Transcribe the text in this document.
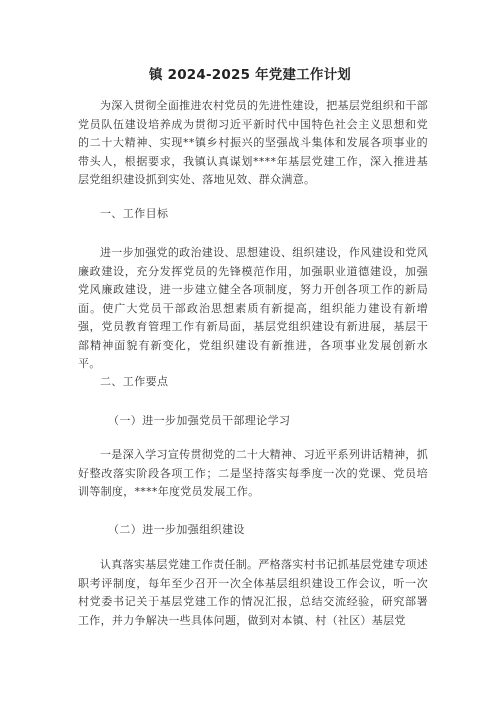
镇 2024-2025 年党建工作计划
为深入贯彻全面推进农村党员的先进性建设，把基层党组织和干部党员队伍建设培养成为贯彻习近平新时代中国特色社会主义思想和党的二十大精神、实现**镇乡村振兴的坚强战斗集体和发展各项事业的带头人，根据要求，我镇认真谋划****年基层党建工作，深入推进基层党组织建设抓到实处、落地见效、群众满意。
一、工作目标
进一步加强党的政治建设、思想建设、组织建设，作风建设和党风廉政建设，充分发挥党员的先锋模范作用，加强职业道德建设，加强党风廉政建设，进一步建立健全各项制度，努力开创各项工作的新局面。使广大党员干部政治思想素质有新提高，组织能力建设有新增强，党员教育管理工作有新局面，基层党组织建设有新进展，基层干部精神面貌有新变化，党组织建设有新推进，各项事业发展创新水平。
二、工作要点
（一）进一步加强党员干部理论学习
一是深入学习宣传贯彻党的二十大精神、习近平系列讲话精神，抓好整改落实阶段各项工作；二是坚持落实每季度一次的党课、党员培训等制度，****年度党员发展工作。
（二）进一步加强组织建设
认真落实基层党建工作责任制。严格落实村书记抓基层党建专项述职考评制度，每年至少召开一次全体基层组织建设工作会议，听一次村党委书记关于基层党建工作的情况汇报，总结交流经验，研究部署工作，并力争解决一些具体问题，做到对本镇、村（社区）基层党
